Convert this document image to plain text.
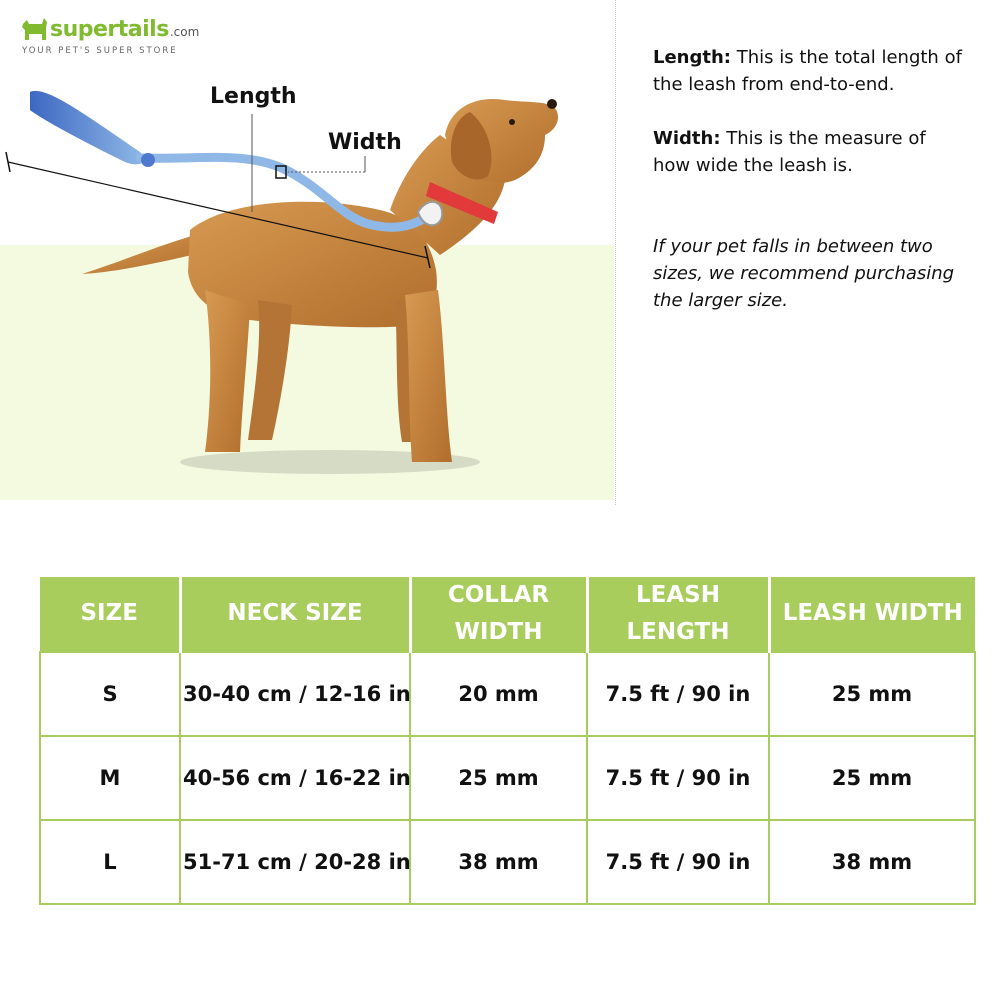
supertails .com
YOUR PET'S SUPER STORE
Length
Width

Length: This is the total length of the leash from end-to-end.

Width: This is the measure of how wide the leash is.

If your pet falls in between two sizes, we recommend purchasing the larger size.

SIZE	NECK SIZE	COLLAR WIDTH	LEASH LENGTH	LEASH WIDTH
S	30-40 cm / 12-16 in	20 mm	7.5 ft / 90 in	25 mm
M	40-56 cm / 16-22 in	25 mm	7.5 ft / 90 in	25 mm
L	51-71 cm / 20-28 in	38 mm	7.5 ft / 90 in	38 mm
